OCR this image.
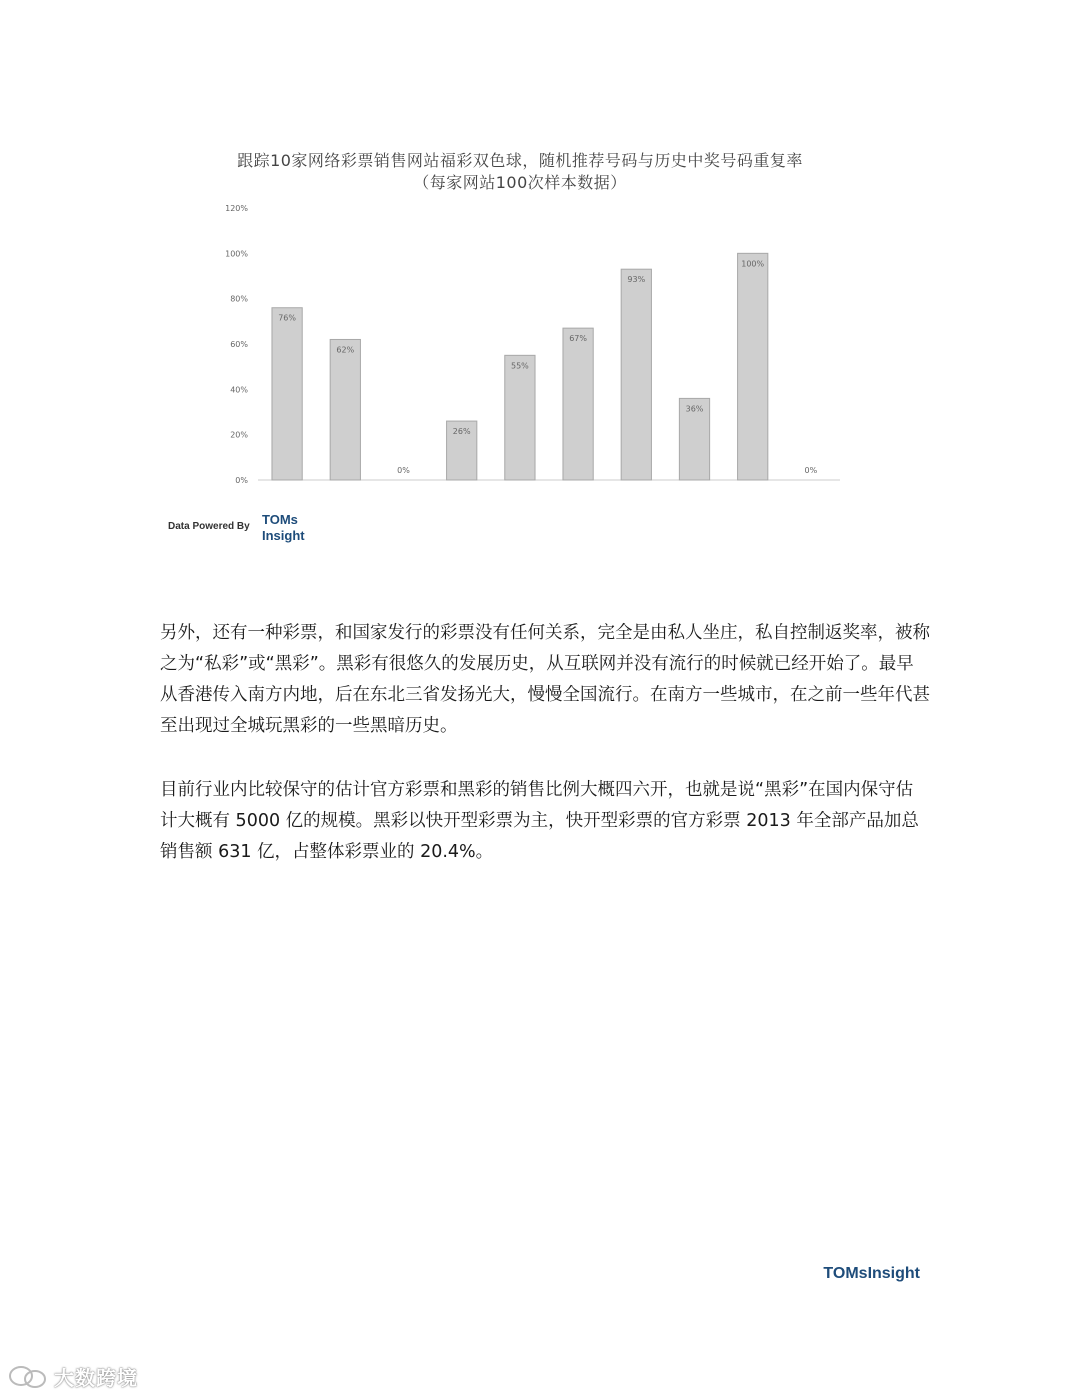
跟踪10家网络彩票销售网站福彩双色球，随机推荐号码与历史中奖号码重复率
（每家网站100次样本数据）
0%
20%
40%
60%
80%
100%
120%
76%
62%
0%
26%
55%
67%
93%
36%
100%
0%
Data Powered By TOMs
Insight
另外，还有一种彩票，和国家发行的彩票没有任何关系，完全是由私人坐庄，私自控制返奖率，被称之为“私彩”或“黑彩”。黑彩有很悠久的发展历史，从互联网并没有流行的时候就已经开始了。最早从香港传入南方内地，后在东北三省发扬光大，慢慢全国流行。在南方一些城市，在之前一些年代甚至出现过全城玩黑彩的一些黑暗历史。
目前行业内比较保守的估计官方彩票和黑彩的销售比例大概四六开，也就是说“黑彩”在国内保守估计大概有 5000 亿的规模。黑彩以快开型彩票为主，快开型彩票的官方彩票 2013 年全部产品加总销售额 631 亿，占整体彩票业的 20.4%。
TOMsInsight
大数跨境
